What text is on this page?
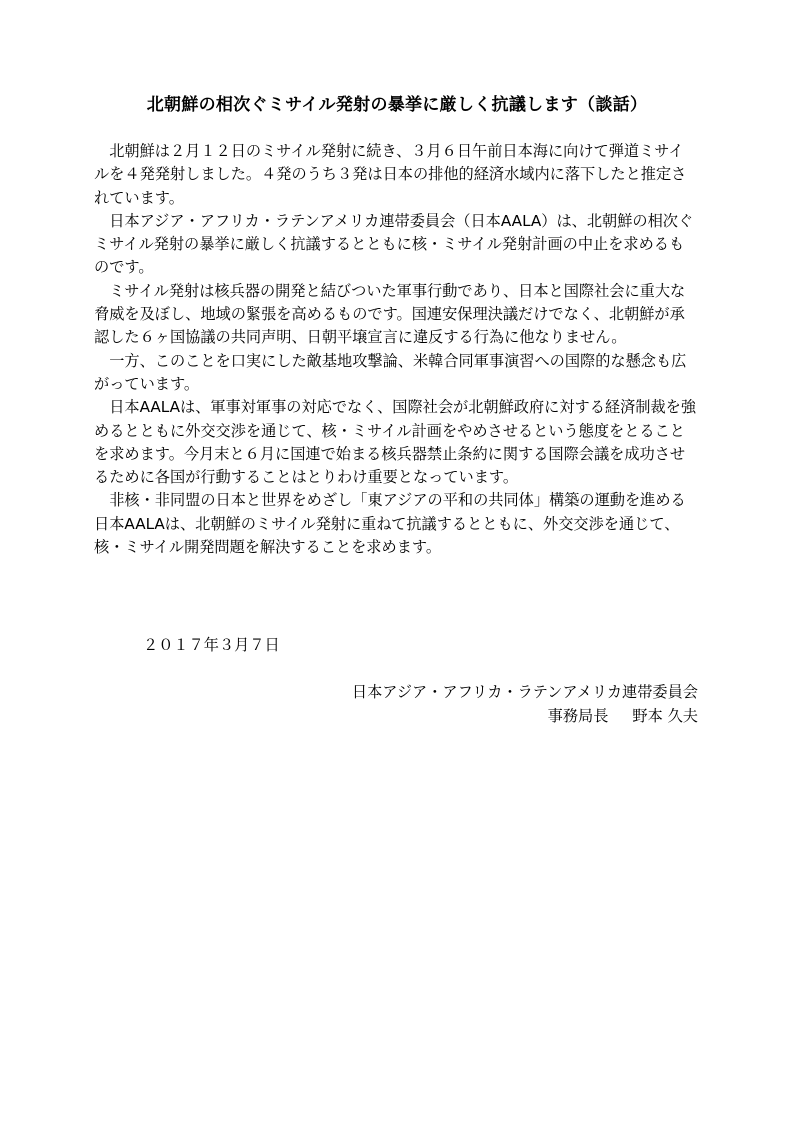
北朝鮮の相次ぐミサイル発射の暴挙に厳しく抗議します（談話）

北朝鮮は２月１２日のミサイル発射に続き、３月６日午前日本海に向けて弾道ミサイルを４発発射しました。４発のうち３発は日本の排他的経済水域内に落下したと推定されています。

日本アジア・アフリカ・ラテンアメリカ連帯委員会（日本AALA）は、北朝鮮の相次ぐミサイル発射の暴挙に厳しく抗議するとともに核・ミサイル発射計画の中止を求めるものです。

ミサイル発射は核兵器の開発と結びついた軍事行動であり、日本と国際社会に重大な脅威を及ぼし、地域の緊張を高めるものです。国連安保理決議だけでなく、北朝鮮が承認した６ヶ国協議の共同声明、日朝平壌宣言に違反する行為に他なりません。

一方、このことを口実にした敵基地攻撃論、米韓合同軍事演習への国際的な懸念も広がっています。

日本AALAは、軍事対軍事の対応でなく、国際社会が北朝鮮政府に対する経済制裁を強めるとともに外交交渉を通じて、核・ミサイル計画をやめさせるという態度をとることを求めます。今月末と６月に国連で始まる核兵器禁止条約に関する国際会議を成功させるために各国が行動することはとりわけ重要となっています。

非核・非同盟の日本と世界をめざし「東アジアの平和の共同体」構築の運動を進める日本AALAは、北朝鮮のミサイル発射に重ねて抗議するとともに、外交交渉を通じて、核・ミサイル開発問題を解決することを求めます。

２０１７年３月７日

日本アジア・アフリカ・ラテンアメリカ連帯委員会

事務局長 野本 久夫
